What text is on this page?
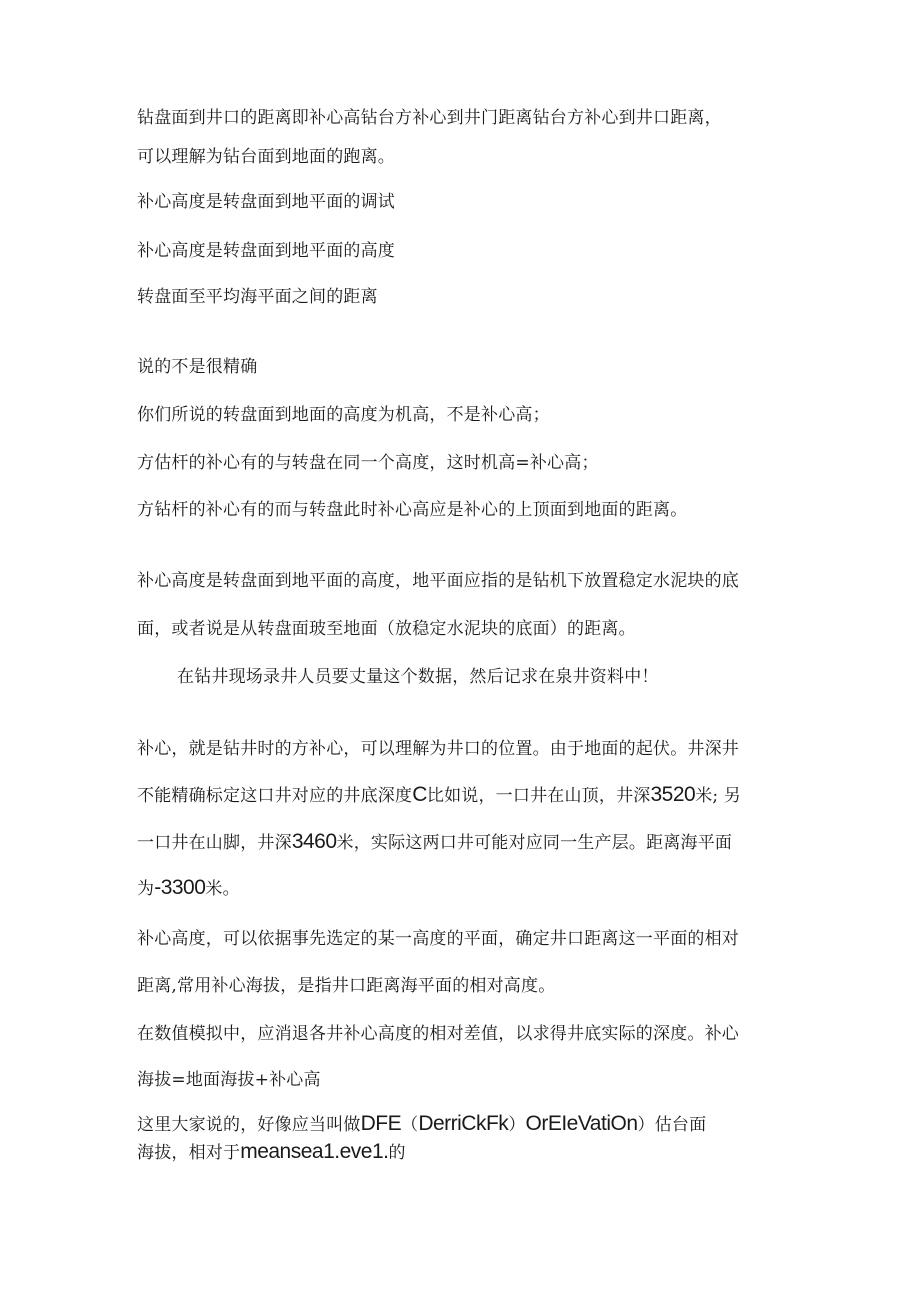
钻盘面到井口的距离即补心高钻台方补心到井门距离钻台方补心到井口距离，
可以理解为钻台面到地面的跑离。
补心高度是转盘面到地平面的调试
补心高度是转盘面到地平面的高度
转盘面至平均海平面之间的距离
说的不是很精确
你们所说的转盘面到地面的高度为机高，不是补心高；
方估杆的补心有的与转盘在同一个高度，这时机高=补心高；
方钻杆的补心有的而与转盘此时补心高应是补心的上顶面到地面的距离。
补心高度是转盘面到地平面的高度，地平面应指的是钻机下放置稳定水泥块的底
面，或者说是从转盘面玻至地面（放稳定水泥块的底面）的距离。
在钻井现场录井人员要丈量这个数据，然后记求在泉井资料中！
补心，就是钻井时的方补心，可以理解为井口的位置。由于地面的起伏。井深井
不能精确标定这口井对应的井底深度C比如说，一口井在山顶，井深3520米; 另
一口井在山脚，井深3460米，实际这两口井可能对应同一生产层。距离海平面
为-3300米。
补心高度，可以依据事先选定的某一高度的平面，确定井口距离这一平面的相对
距离,常用补心海拔，是指井口距离海平面的相对高度。
在数值模拟中，应消退各井补心高度的相对差值，以求得井底实际的深度。补心
海拔=地面海拔+补心高
这里大家说的，好像应当叫做DFE（DerriCkFk）OrEIeVatiOn）估台面
海拔，相对于meansea1.eve1.的
